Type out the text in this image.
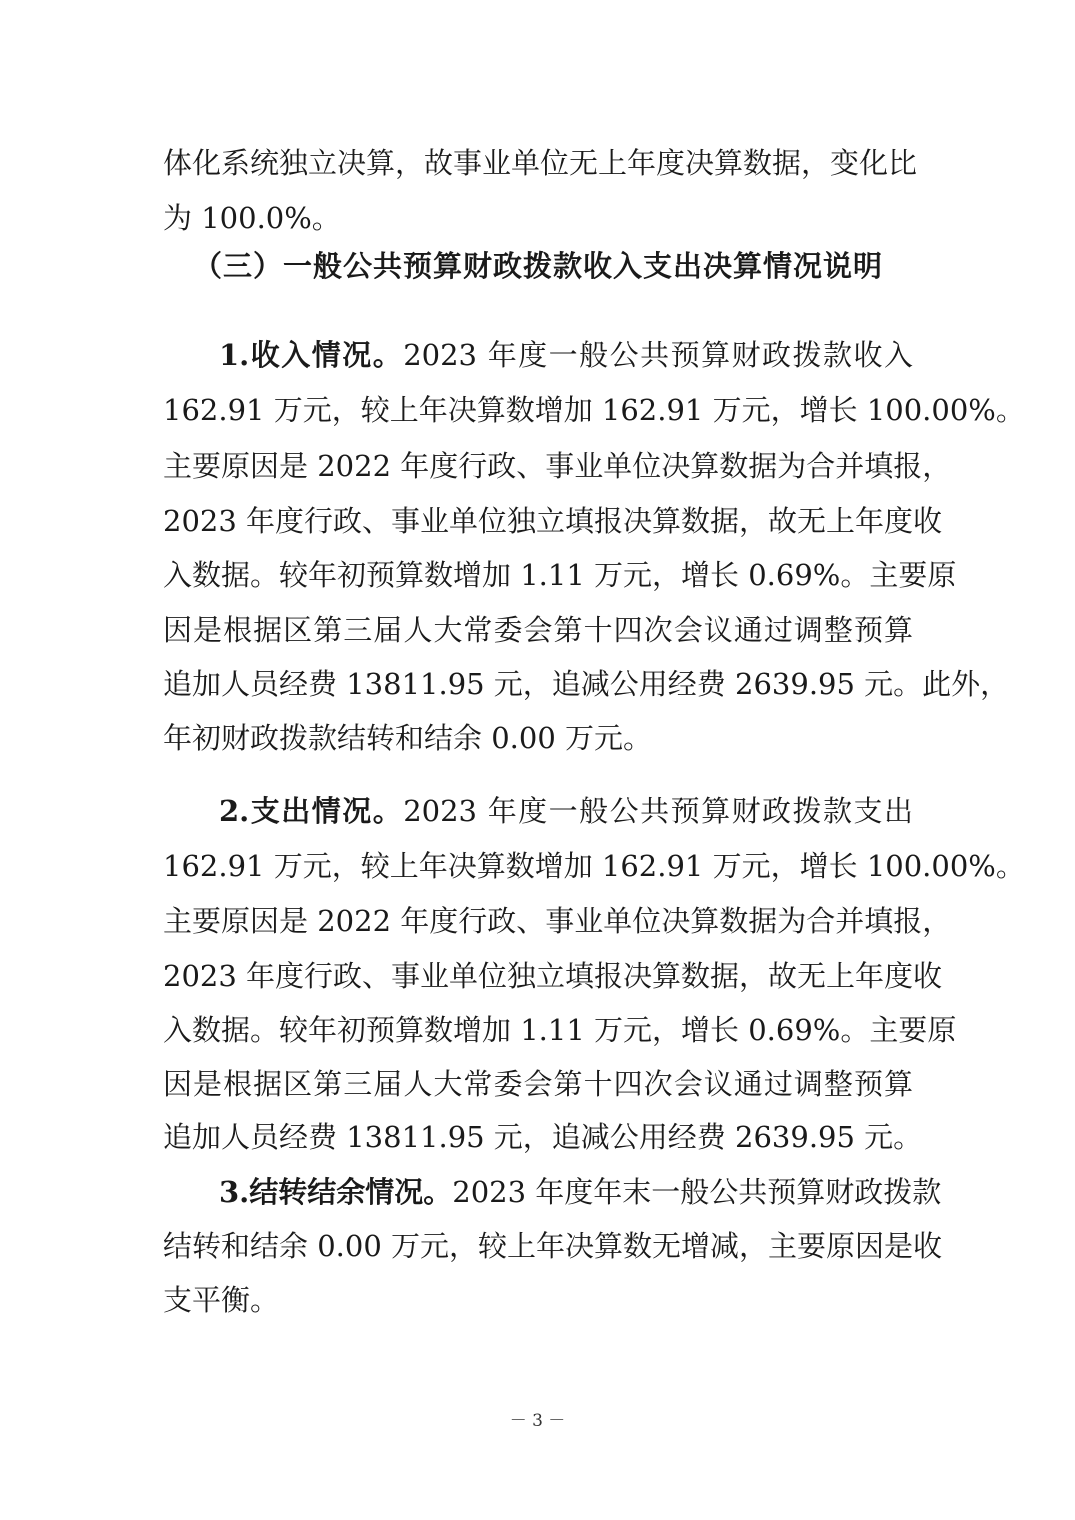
体化系统独立决算，故事业单位无上年度决算数据，变化比
为 100.0%。
（三）一般公共预算财政拨款收入支出决算情况说明
1.收入情况。2023 年度一般公共预算财政拨款收入
162.91 万元，较上年决算数增加 162.91 万元，增长 100.00%。
主要原因是 2022 年度行政、事业单位决算数据为合并填报，
2023 年度行政、事业单位独立填报决算数据，故无上年度收
入数据。较年初预算数增加 1.11 万元，增长 0.69%。主要原
因是根据区第三届人大常委会第十四次会议通过调整预算
追加人员经费 13811.95 元，追减公用经费 2639.95 元。此外，
年初财政拨款结转和结余 0.00 万元。
2.支出情况。2023 年度一般公共预算财政拨款支出
162.91 万元，较上年决算数增加 162.91 万元，增长 100.00%。
主要原因是 2022 年度行政、事业单位决算数据为合并填报，
2023 年度行政、事业单位独立填报决算数据，故无上年度收
入数据。较年初预算数增加 1.11 万元，增长 0.69%。主要原
因是根据区第三届人大常委会第十四次会议通过调整预算
追加人员经费 13811.95 元，追减公用经费 2639.95 元。
3.结转结余情况。2023 年度年末一般公共预算财政拨款
结转和结余 0.00 万元，较上年决算数无增减，主要原因是收
支平衡。
－ 3 －
